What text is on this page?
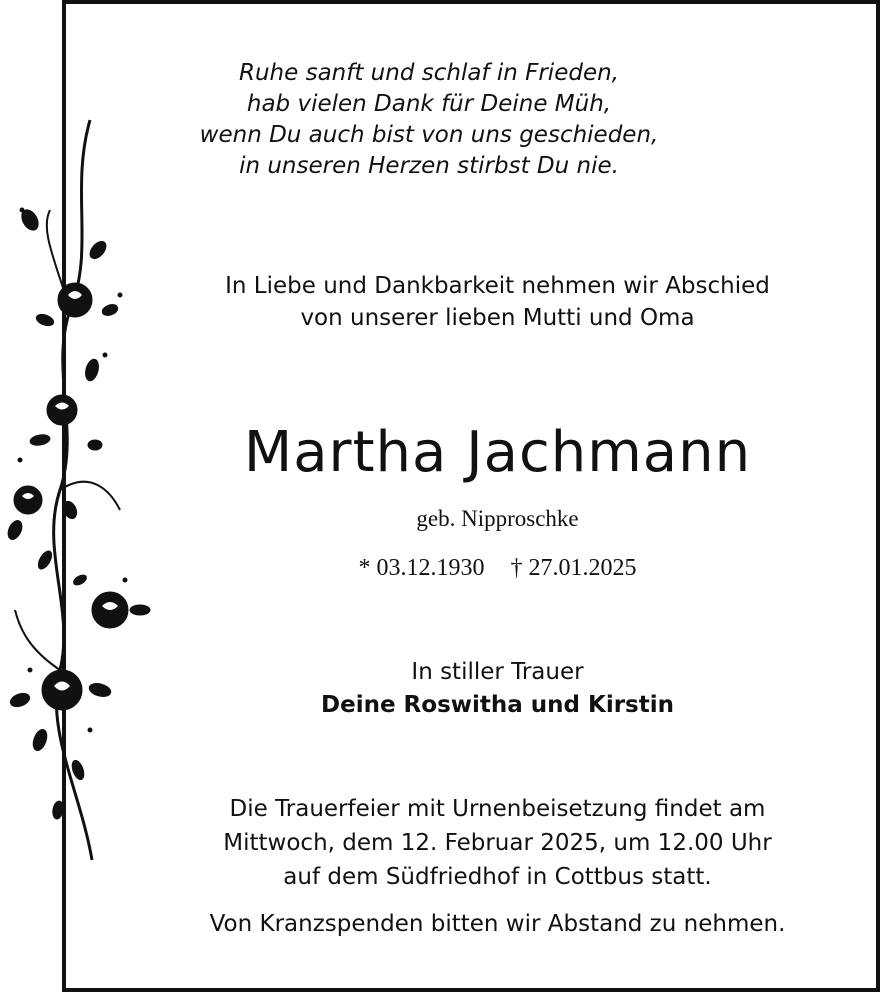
Ruhe sanft und schlaf in Frieden,
hab vielen Dank für Deine Müh,
wenn Du auch bist von uns geschieden,
in unseren Herzen stirbst Du nie.
In Liebe und Dankbarkeit nehmen wir Abschied
von unserer lieben Mutti und Oma
Martha Jachmann
geb. Nipproschke
* 03.12.1930 † 27.01.2025
In stiller Trauer
Deine Roswitha und Kirstin
Die Trauerfeier mit Urnenbeisetzung findet am
Mittwoch, dem 12. Februar 2025, um 12.00 Uhr
auf dem Südfriedhof in Cottbus statt.
Von Kranzspenden bitten wir Abstand zu nehmen.
